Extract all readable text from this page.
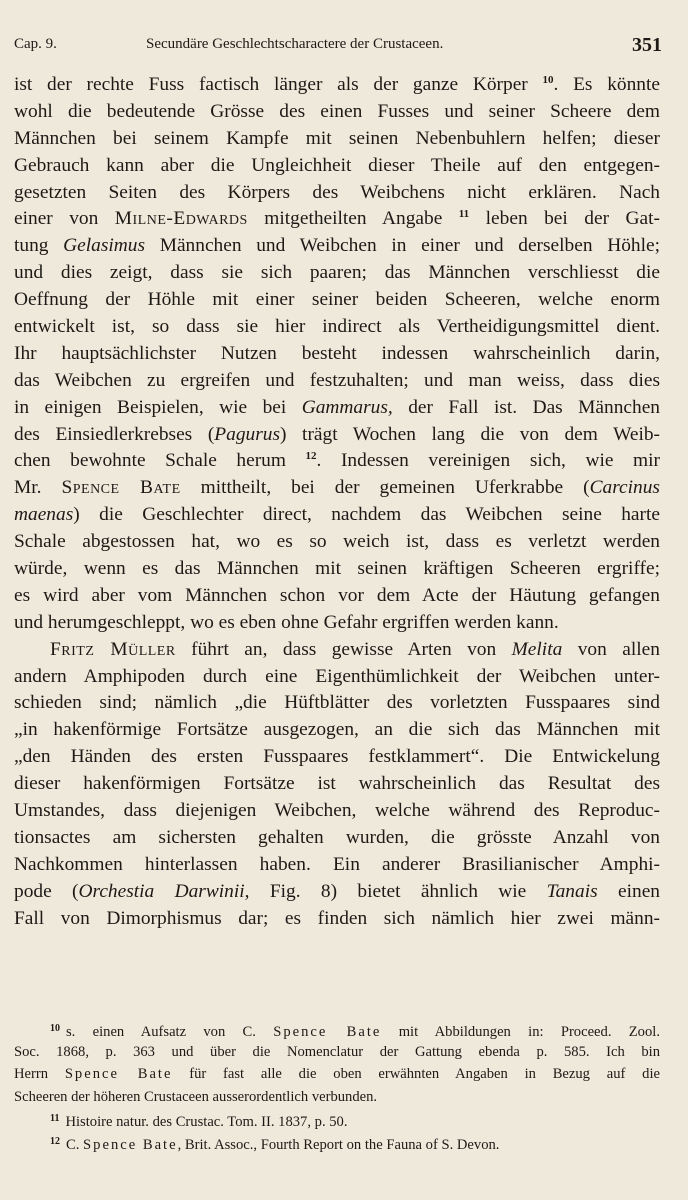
Cap. 9.	Secundäre Geschlechtscharactere der Crustaceen.	351
ist der rechte Fuss factisch länger als der ganze Körper $^{10}$. Es könnte
wohl die bedeutende Grösse des einen Fusses und seiner Scheere dem
Männchen bei seinem Kampfe mit seinen Nebenbuhlern helfen; dieser
Gebrauch kann aber die Ungleichheit dieser Theile auf den entgegen-
gesetzten Seiten des Körpers des Weibchens nicht erklären. Nach
einer von Milne-Edwards mitgetheilten Angabe $^{11}$ leben bei der Gat-
tung Gelasimus Männchen und Weibchen in einer und derselben Höhle;
und dies zeigt, dass sie sich paaren; das Männchen verschliesst die
Oeffnung der Höhle mit einer seiner beiden Scheeren, welche enorm
entwickelt ist, so dass sie hier indirect als Vertheidigungsmittel dient.
Ihr hauptsächlichster Nutzen besteht indessen wahrscheinlich darin,
das Weibchen zu ergreifen und festzuhalten; und man weiss, dass dies
in einigen Beispielen, wie bei Gammarus, der Fall ist. Das Männchen
des Einsiedlerkrebses (Pagurus) trägt Wochen lang die von dem Weib-
chen bewohnte Schale herum $^{12}$. Indessen vereinigen sich, wie mir
Mr. Spence Bate mittheilt, bei der gemeinen Uferkrabbe (Carcinus
maenas) die Geschlechter direct, nachdem das Weibchen seine harte
Schale abgestossen hat, wo es so weich ist, dass es verletzt werden
würde, wenn es das Männchen mit seinen kräftigen Scheeren ergriffe;
es wird aber vom Männchen schon vor dem Acte der Häutung gefangen
und herumgeschleppt, wo es eben ohne Gefahr ergriffen werden kann.
Fritz Müller führt an, dass gewisse Arten von Melita von allen
andern Amphipoden durch eine Eigenthümlichkeit der Weibchen unter-
schieden sind; nämlich „die Hüftblätter des vorletzten Fusspaares sind
„in hakenförmige Fortsätze ausgezogen, an die sich das Männchen mit
„den Händen des ersten Fusspaares festklammert“. Die Entwickelung
dieser hakenförmigen Fortsätze ist wahrscheinlich das Resultat des
Umstandes, dass diejenigen Weibchen, welche während des Reproduc-
tionsactes am sichersten gehalten wurden, die grösste Anzahl von
Nachkommen hinterlassen haben. Ein anderer Brasilianischer Amphi-
pode (Orchestia Darwinii, Fig. 8) bietet ähnlich wie Tanais einen
Fall von Dimorphismus dar; es finden sich nämlich hier zwei männ-
$^{10}$ s. einen Aufsatz von C. Spence Bate mit Abbildungen in: Proceed. Zool.
Soc. 1868, p. 363 und über die Nomenclatur der Gattung ebenda p. 585. Ich bin
Herrn Spence Bate für fast alle die oben erwähnten Angaben in Bezug auf die
Scheeren der höheren Crustaceen ausserordentlich verbunden.
$^{11}$ Histoire natur. des Crustac. Tom. II. 1837, p. 50.
$^{12}$ C. Spence Bate, Brit. Assoc., Fourth Report on the Fauna of S. Devon.
